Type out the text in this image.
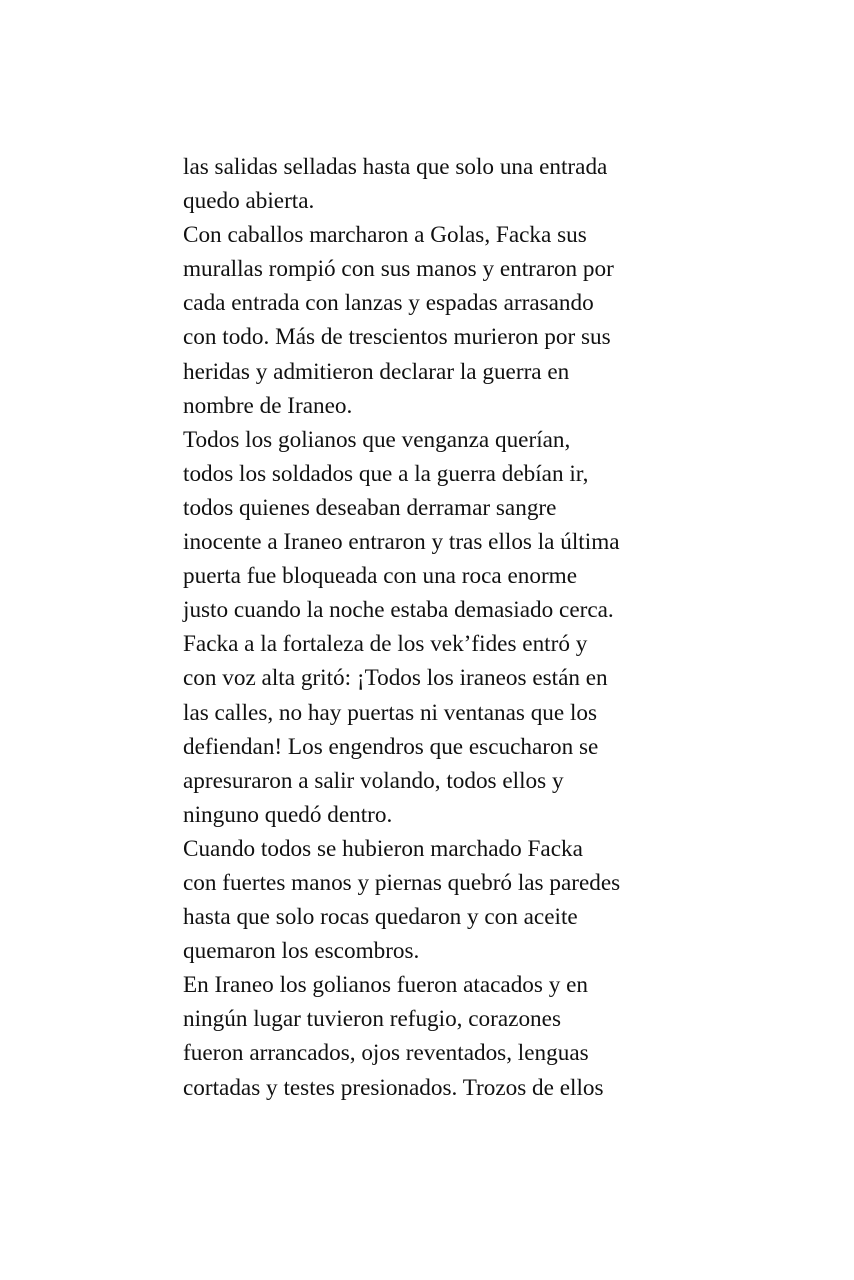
las salidas selladas hasta que solo una entrada
quedo abierta.
Con caballos marcharon a Golas, Facka sus
murallas rompió con sus manos y entraron por
cada entrada con lanzas y espadas arrasando
con todo. Más de trescientos murieron por sus
heridas y admitieron declarar la guerra en
nombre de Iraneo.
Todos los golianos que venganza querían,
todos los soldados que a la guerra debían ir,
todos quienes deseaban derramar sangre
inocente a Iraneo entraron y tras ellos la última
puerta fue bloqueada con una roca enorme
justo cuando la noche estaba demasiado cerca.
Facka a la fortaleza de los vek’fides entró y
con voz alta gritó: ¡Todos los iraneos están en
las calles, no hay puertas ni ventanas que los
defiendan! Los engendros que escucharon se
apresuraron a salir volando, todos ellos y
ninguno quedó dentro.
Cuando todos se hubieron marchado Facka
con fuertes manos y piernas quebró las paredes
hasta que solo rocas quedaron y con aceite
quemaron los escombros.
En Iraneo los golianos fueron atacados y en
ningún lugar tuvieron refugio, corazones
fueron arrancados, ojos reventados, lenguas
cortadas y testes presionados. Trozos de ellos
